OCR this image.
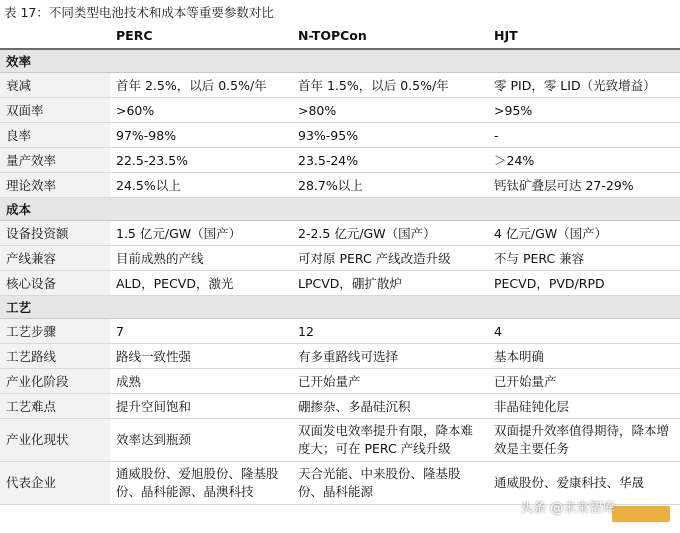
表 17：不同类型电池技术和成本等重要参数对比
	PERC	N-TOPCon	HJT
效率			
衰减	首年 2.5%，以后 0.5%/年	首年 1.5%，以后 0.5%/年	零 PID，零 LID（光致增益）
双面率	>60%	>80%	>95%
良率	97%-98%	93%-95%	-
量产效率	22.5-23.5%	23.5-24%	＞24%
理论效率	24.5%以上	28.7%以上	钙钛矿叠层可达 27-29%
成本			
设备投资额	1.5 亿元/GW（国产）	2-2.5 亿元/GW（国产）	4 亿元/GW（国产）
产线兼容	目前成熟的产线	可对原 PERC 产线改造升级	不与 PERC 兼容
核心设备	ALD，PECVD，激光	LPCVD，硼扩散炉	PECVD，PVD/RPD
工艺			
工艺步骤	7	12	4
工艺路线	路线一致性强	有多重路线可选择	基本明确
产业化阶段	成熟	已开始量产	已开始量产
工艺难点	提升空间饱和	硼掺杂、多晶硅沉积	非晶硅钝化层
产业化现状	效率达到瓶颈	双面发电效率提升有限，降本难度大；可在 PERC 产线升级	双面提升效率值得期待，降本增效是主要任务
代表企业	通威股份、爱旭股份、隆基股份、晶科能源、晶澳科技	天合光能、中来股份、隆基股份、晶科能源	通威股份、爱康科技、华晟
头条 @未来智库
